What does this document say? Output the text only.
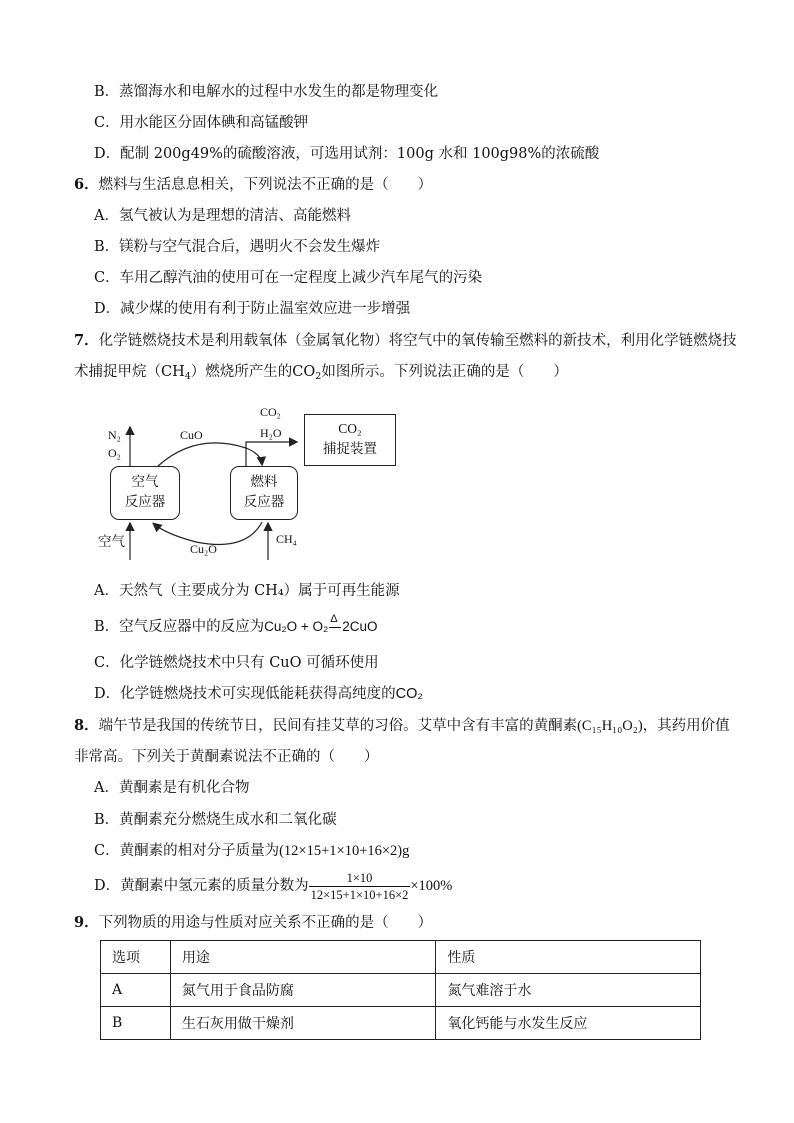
B．蒸馏海水和电解水的过程中水发生的都是物理变化
C．用水能区分固体碘和高锰酸钾
D．配制 200g49%的硫酸溶液，可选用试剂：100g 水和 100g98%的浓硫酸
6．燃料与生活息息相关，下列说法不正确的是（　　）
A．氢气被认为是理想的清洁、高能燃料
B．镁粉与空气混合后，遇明火不会发生爆炸
C．车用乙醇汽油的使用可在一定程度上减少汽车尾气的污染
D．减少煤的使用有利于防止温室效应进一步增强
7．化学链燃烧技术是利用载氧体（金属氧化物）将空气中的氧传输至燃料的新技术，利用化学链燃烧技
术捕捉甲烷$(CH_4)$燃烧所产生的$CO_2$如图所示。下列说法正确的是（　　）
空气
反应器
燃料
反应器
CO₂
捕捉装置
N₂
O₂
CuO
CO₂
H₂O
空气	Cu₂O
CH₄
A．天然气（主要成分为 CH₄）属于可再生能源
B．空气反应器中的反应为Cu₂O + O₂ Δ 2CuO
C．化学链燃烧技术中只有 CuO 可循环使用
D．化学链燃烧技术可实现低能耗获得高纯度的CO₂
8．端午节是我国的传统节日，民间有挂艾草的习俗。艾草中含有丰富的黄酮素(C₁₅H₁₀O₂)，其药用价值
非常高。下列关于黄酮素说法不正确的（　　）
A．黄酮素是有机化合物
B．黄酮素充分燃烧生成水和二氧化碳
C．黄酮素的相对分子质量为(12×15+1×10+16×2)g
D．黄酮素中氢元素的质量分数为 $\frac{1\times 10}{12\times 15+1\times 10+16\times 2} \times 100\%$
9．下列物质的用途与性质对应关系不正确的是（　　）
选项	用途	性质
A	氮气用于食品防腐	氮气难溶于水
B	生石灰用做干燥剂	氧化钙能与水发生反应
